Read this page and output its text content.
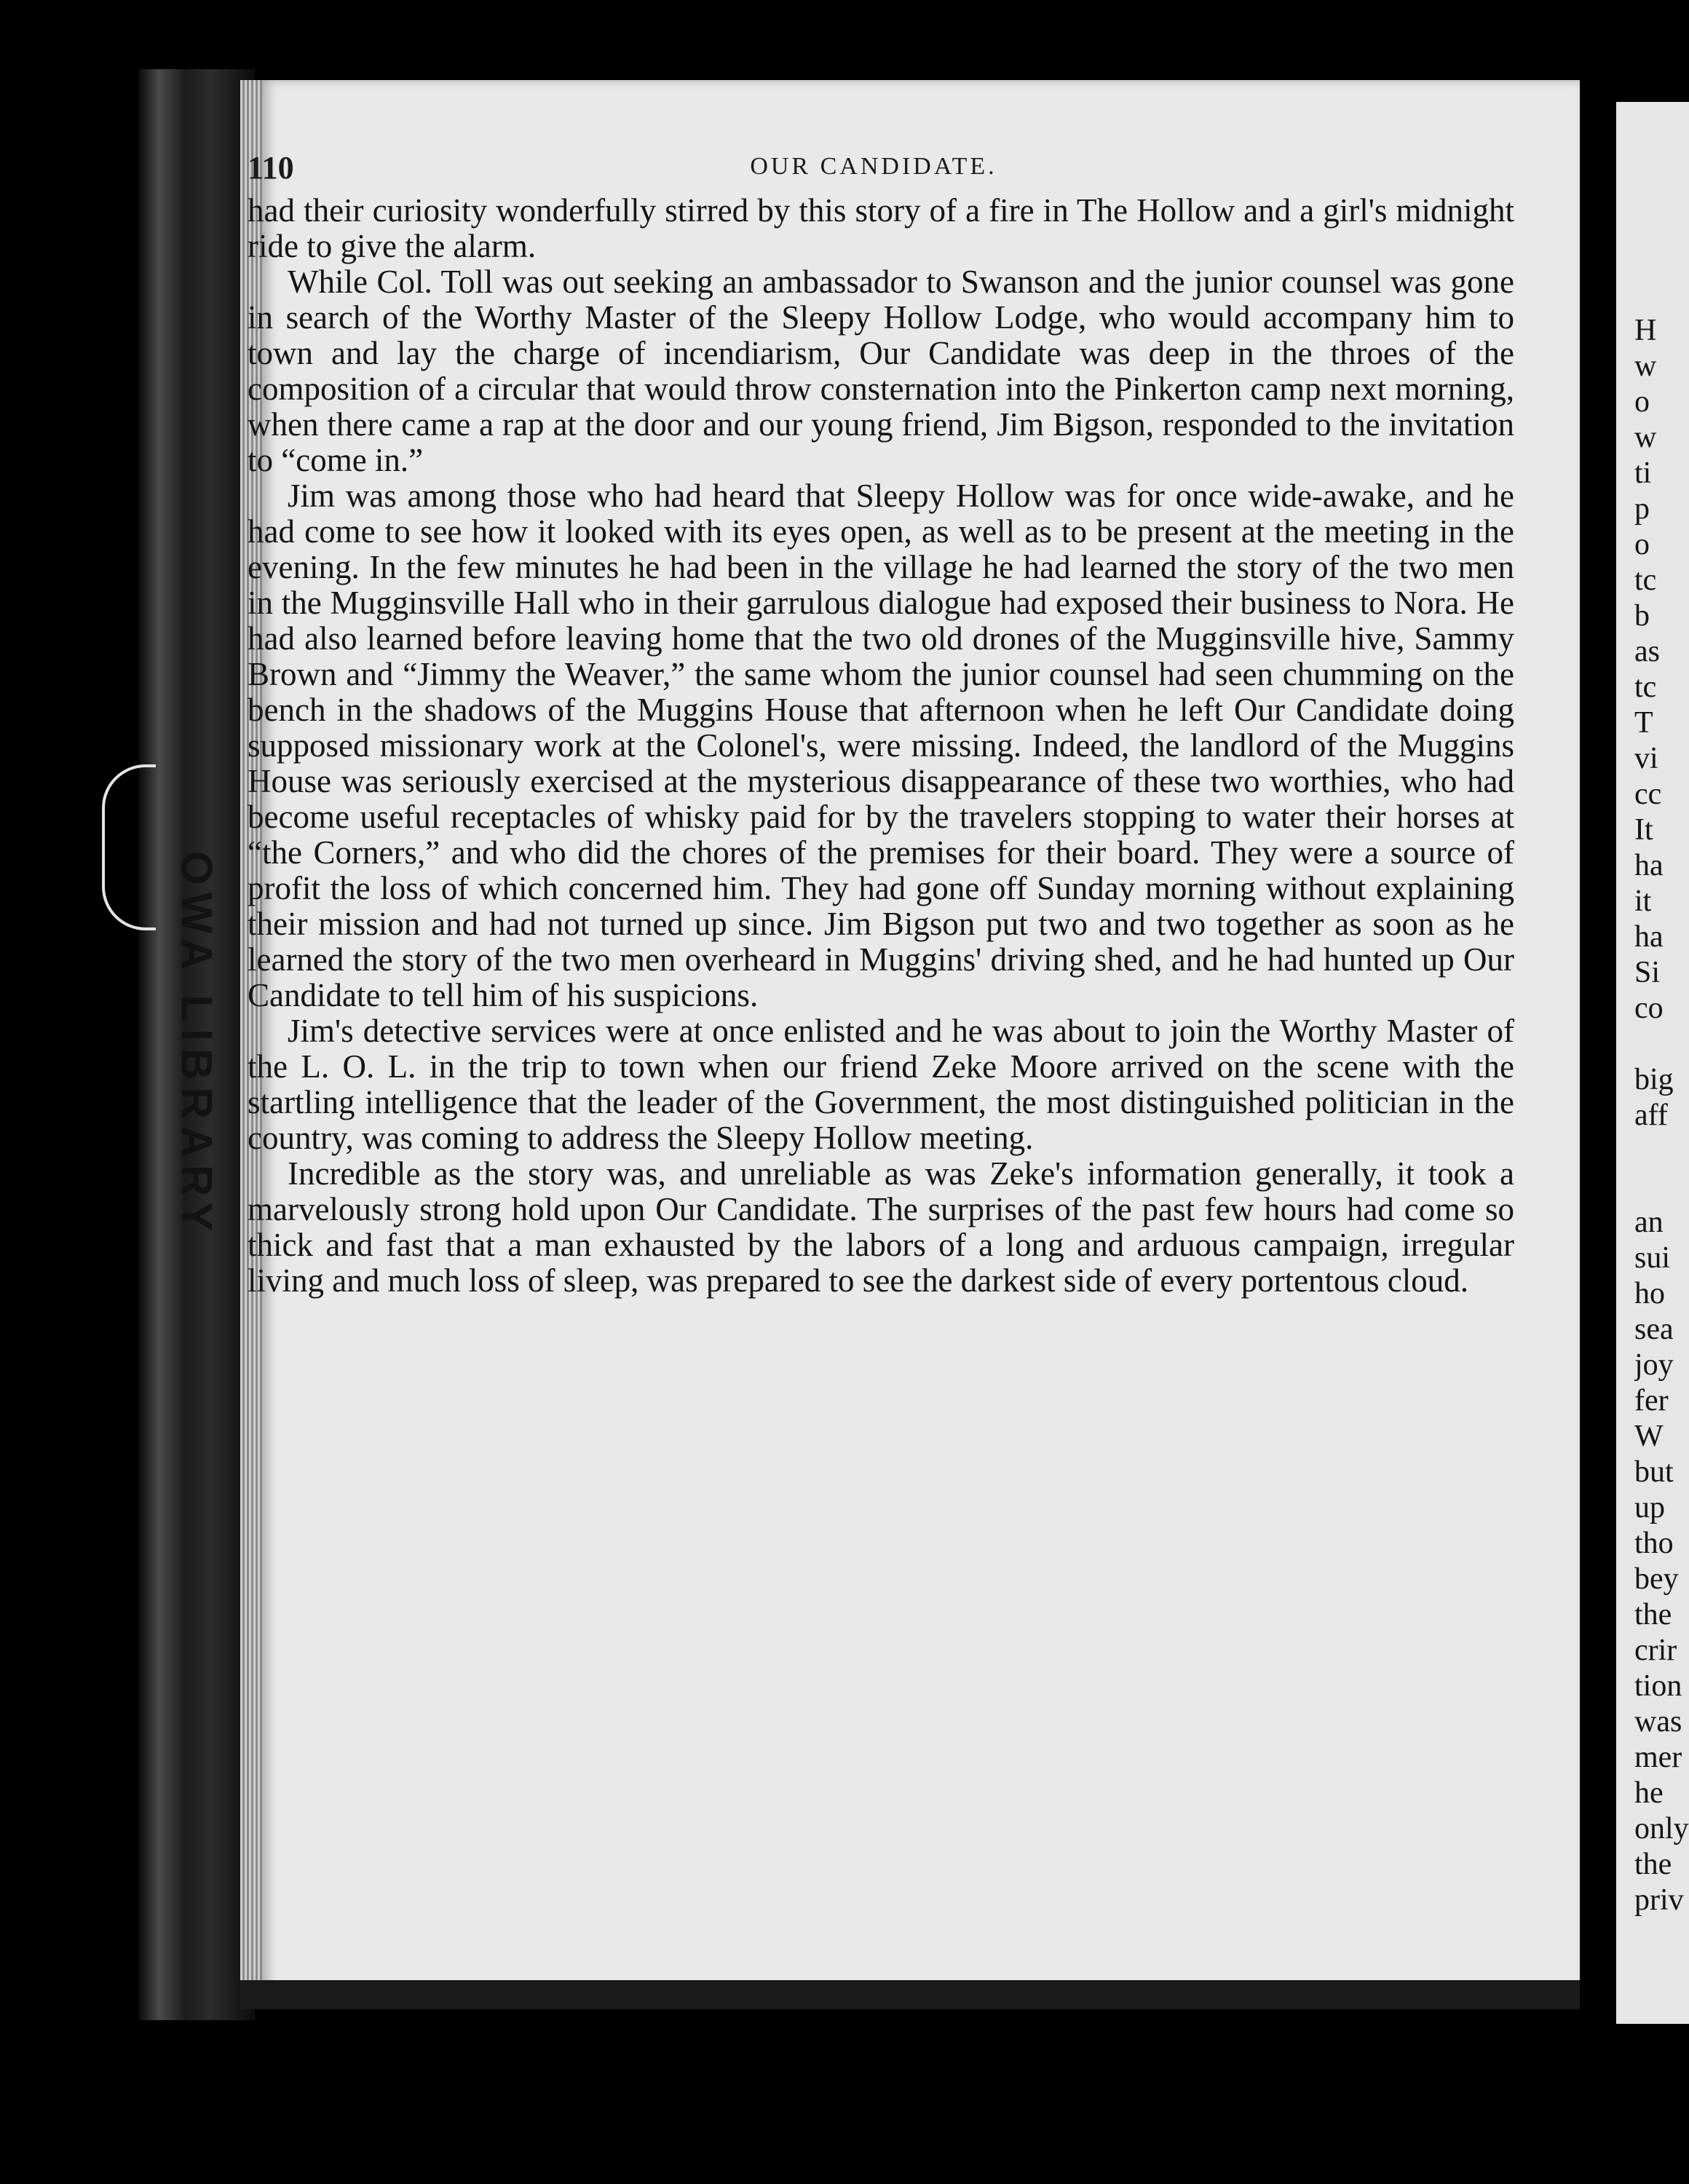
OWA LIBRARY
110	OUR CANDIDATE.

had their curiosity wonderfully stirred by this story of a fire in The Hollow and a girl's midnight ride to give the alarm.

While Col. Toll was out seeking an ambassador to Swanson and the junior counsel was gone in search of the Worthy Master of the Sleepy Hollow Lodge, who would accompany him to town and lay the charge of incendiarism, Our Candidate was deep in the throes of the composition of a circular that would throw consternation into the Pinkerton camp next morning, when there came a rap at the door and our young friend, Jim Bigson, responded to the invitation to “come in.”

Jim was among those who had heard that Sleepy Hollow was for once wide-awake, and he had come to see how it looked with its eyes open, as well as to be present at the meeting in the evening. In the few minutes he had been in the village he had learned the story of the two men in the Mugginsville Hall who in their garrulous dialogue had exposed their business to Nora. He had also learned before leaving home that the two old drones of the Mugginsville hive, Sammy Brown and “Jimmy the Weaver,” the same whom the junior counsel had seen chumming on the bench in the shadows of the Muggins House that afternoon when he left Our Candidate doing supposed missionary work at the Colonel's, were missing. Indeed, the landlord of the Muggins House was seriously exercised at the mysterious disappearance of these two worthies, who had become useful receptacles of whisky paid for by the travelers stopping to water their horses at “the Corners,” and who did the chores of the premises for their board. They were a source of profit the loss of which concerned him. They had gone off Sunday morning without explaining their mission and had not turned up since. Jim Bigson put two and two together as soon as he learned the story of the two men overheard in Muggins' driving shed, and he had hunted up Our Candidate to tell him of his suspicions.

Jim's detective services were at once enlisted and he was about to join the Worthy Master of the L. O. L. in the trip to town when our friend Zeke Moore arrived on the scene with the startling intelligence that the leader of the Government, the most distinguished politician in the country, was coming to address the Sleepy Hollow meeting.

Incredible as the story was, and unreliable as was Zeke's information generally, it took a marvelously strong hold upon Our Candidate. The surprises of the past few hours had come so thick and fast that a man exhausted by the labors of a long and arduous campaign, irregular living and much loss of sleep, was prepared to see the darkest side of every portentous cloud.

H
w
o
w
ti
p
o
tc
b
as
tc
T
vi
cc
It
ha
it
ha
Si
co
big
aff
an
sui
ho
sea
joy
fer
W
but
up
tho
bey
the
crir
tion
was
mer
he
only
the
priv
